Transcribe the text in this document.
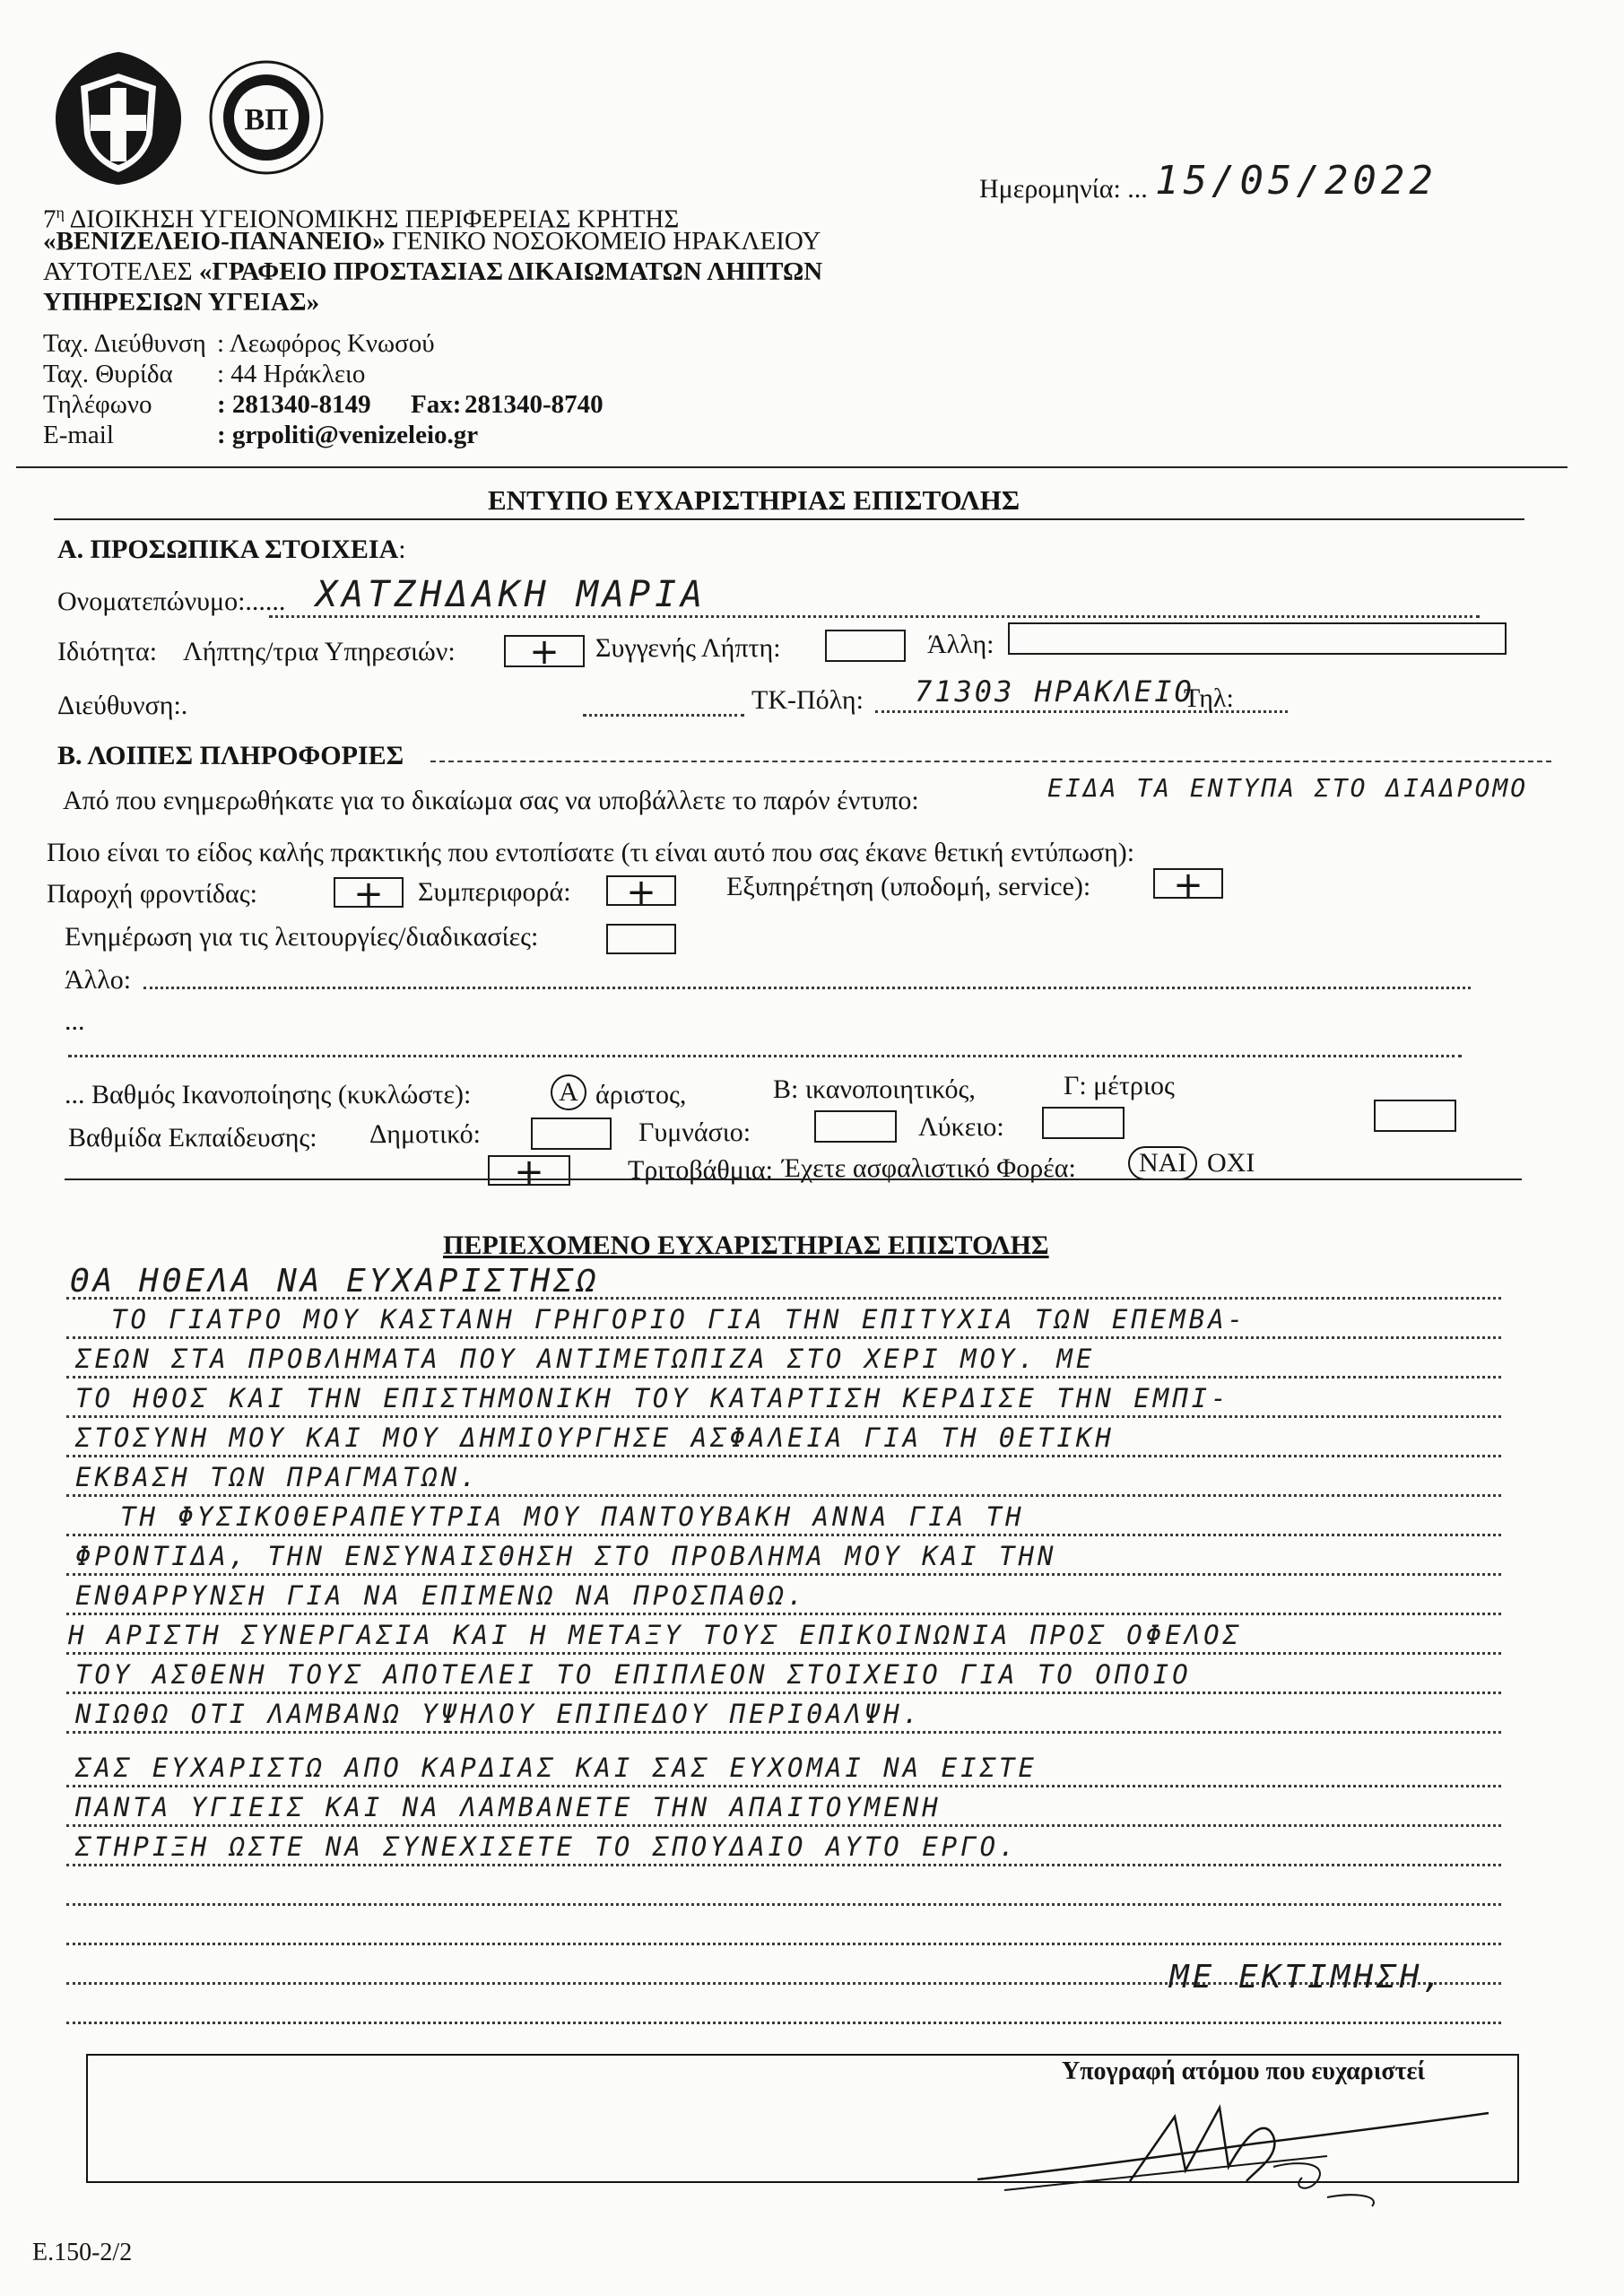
ΒΠ
$7^\eta$ ΔΙΟΙΚΗΣΗ ΥΓΕΙΟΝΟΜΙΚΗΣ ΠΕΡΙΦΕΡΕΙΑΣ ΚΡΗΤΗΣ
«ΒΕΝΙΖΕΛΕΙΟ-ΠΑΝΑΝΕΙΟ» ΓΕΝΙΚΟ ΝΟΣΟΚΟΜΕΙΟ ΗΡΑΚΛΕΙΟΥ
ΑΥΤΟΤΕΛΕΣ «ΓΡΑΦΕΙΟ ΠΡΟΣΤΑΣΙΑΣ ΔΙΚΑΙΩΜΑΤΩΝ ΛΗΠΤΩΝ
ΥΠΗΡΕΣΙΩΝ ΥΓΕΙΑΣ»
Ταχ. Διεύθυνση : Λεωφόρος Κνωσού
Ταχ. Θυρίδα : 44 Ηράκλειο
Τηλέφωνο	: 281340-8149 Fax: 281340-8740
E-mail	: grpoliti@venizeleio.gr
Ημερομηνία: ... 15/05/2022
ΕΝΤΥΠΟ ΕΥΧΑΡΙΣΤΗΡΙΑΣ ΕΠΙΣΤΟΛΗΣ
Α. ΠΡΟΣΩΠΙΚΑ ΣΤΟΙΧΕΙΑ:
Ονοματεπώνυμο:...... ΧΑΤΖΗΔΑΚΗ ΜΑΡΙΑ
Ιδιότητα: Λήπτης/τρια Υπηρεσιών:	+	Συγγενής Λήπτη:	Άλλη:
Διεύθυνση:.	ΤΚ-Πόλη: 71303 ΗΡΑΚΛΕΙΟ
Τηλ:
Β. ΛΟΙΠΕΣ ΠΛΗΡΟΦΟΡΙΕΣ
Από που ενημερωθήκατε για το δικαίωμα σας να υποβάλλετε το παρόν έντυπο:	ΕΙΔΑ ΤΑ ΕΝΤΥΠΑ ΣΤΟ ΔΙΑΔΡΟΜΟ
Ποιο είναι το είδος καλής πρακτικής που εντοπίσατε (τι είναι αυτό που σας έκανε θετική εντύπωση):
Παροχή φροντίδας:	+	Συμπεριφορά:	+	Εξυπηρέτηση (υποδομή, service):	+
Ενημέρωση για τις λειτουργίες/διαδικασίες:
Άλλο:
...
... Βαθμός Ικανοποίησης (κυκλώστε):	Α άριστος,	Β: ικανοποιητικός,	Γ: μέτριος
Βαθμίδα Εκπαίδευσης: Δημοτικό:	Γυμνάσιο:	Λύκειο:
+	Τριτοβάθμια: Έχετε ασφαλιστικό Φορέα:	ΝΑΙ ΟΧΙ
ΠΕΡΙΕΧΟΜΕΝΟ ΕΥΧΑΡΙΣΤΗΡΙΑΣ ΕΠΙΣΤΟΛΗΣ
ΘΑ ΗΘΕΛΑ ΝΑ ΕΥΧΑΡΙΣΤΗΣΩ
ΤΟ ΓΙΑΤΡΟ ΜΟΥ ΚΑΣΤΑΝΗ ΓΡΗΓΟΡΙΟ ΓΙΑ ΤΗΝ ΕΠΙΤΥΧΙΑ ΤΩΝ ΕΠΕΜΒΑ-
ΣΕΩΝ ΣΤΑ ΠΡΟΒΛΗΜΑΤΑ ΠΟΥ ΑΝΤΙΜΕΤΩΠΙΖΑ ΣΤΟ ΧΕΡΙ ΜΟΥ. ΜΕ
ΤΟ ΗΘΟΣ ΚΑΙ ΤΗΝ ΕΠΙΣΤΗΜΟΝΙΚΗ ΤΟΥ ΚΑΤΑΡΤΙΣΗ ΚΕΡΔΙΣΕ ΤΗΝ ΕΜΠΙ-
ΣΤΟΣΥΝΗ ΜΟΥ ΚΑΙ ΜΟΥ ΔΗΜΙΟΥΡΓΗΣΕ ΑΣΦΑΛΕΙΑ ΓΙΑ ΤΗ ΘΕΤΙΚΗ
ΕΚΒΑΣΗ ΤΩΝ ΠΡΑΓΜΑΤΩΝ.
ΤΗ ΦΥΣΙΚΟΘΕΡΑΠΕΥΤΡΙΑ ΜΟΥ ΠΑΝΤΟΥΒΑΚΗ ΑΝΝΑ ΓΙΑ ΤΗ
ΦΡΟΝΤΙΔΑ, ΤΗΝ ΕΝΣΥΝΑΙΣΘΗΣΗ ΣΤΟ ΠΡΟΒΛΗΜΑ ΜΟΥ ΚΑΙ ΤΗΝ
ΕΝΘΑΡΡΥΝΣΗ ΓΙΑ ΝΑ ΕΠΙΜΕΝΩ ΝΑ ΠΡΟΣΠΑΘΩ.
Η ΑΡΙΣΤΗ ΣΥΝΕΡΓΑΣΙΑ ΚΑΙ Η ΜΕΤΑΞΥ ΤΟΥΣ ΕΠΙΚΟΙΝΩΝΙΑ ΠΡΟΣ ΟΦΕΛΟΣ
ΤΟΥ ΑΣΘΕΝΗ ΤΟΥΣ ΑΠΟΤΕΛΕΙ ΤΟ ΕΠΙΠΛΕΟΝ ΣΤΟΙΧΕΙΟ ΓΙΑ ΤΟ ΟΠΟΙΟ
ΝΙΩΘΩ ΟΤΙ ΛΑΜΒΑΝΩ ΥΨΗΛΟΥ ΕΠΙΠΕΔΟΥ ΠΕΡΙΘΑΛΨΗ.
ΣΑΣ ΕΥΧΑΡΙΣΤΩ ΑΠΟ ΚΑΡΔΙΑΣ ΚΑΙ ΣΑΣ ΕΥΧΟΜΑΙ ΝΑ ΕΙΣΤΕ
ΠΑΝΤΑ ΥΓΙΕΙΣ ΚΑΙ ΝΑ ΛΑΜΒΑΝΕΤΕ ΤΗΝ ΑΠΑΙΤΟΥΜΕΝΗ
ΣΤΗΡΙΞΗ ΩΣΤΕ ΝΑ ΣΥΝΕΧΙΣΕΤΕ ΤΟ ΣΠΟΥΔΑΙΟ ΑΥΤΟ ΕΡΓΟ.
ΜΕ ΕΚΤΙΜΗΣΗ,
Υπογραφή ατόμου που ευχαριστεί
Ε.150-2/2
